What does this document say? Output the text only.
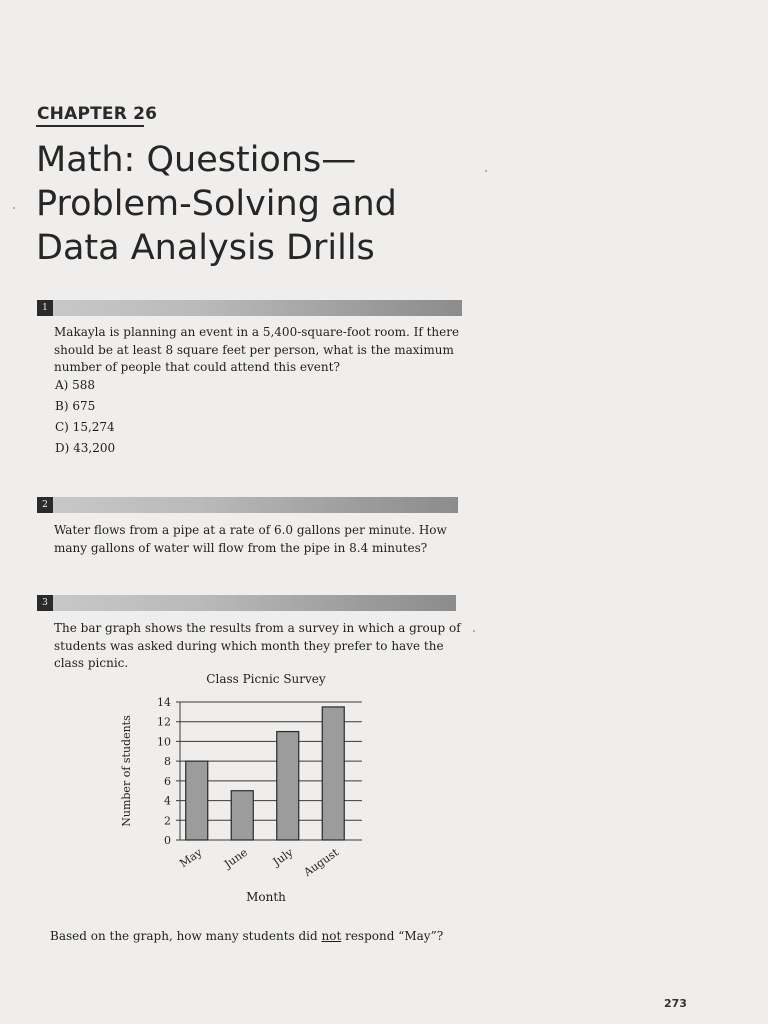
CHAPTER 26
Math: Questions—
Problem-Solving and
Data Analysis Drills
1

Makayla is planning an event in a 5,400-square-foot room. If there should be at least 8 square feet per person, what is the maximum number of people that could attend this event?

A) 588
B) 675
C) 15,274
D) 43,200
2

Water flows from a pipe at a rate of 6.0 gallons per minute. How many gallons of water will flow from the pipe in 8.4 minutes?

3

The bar graph shows the results from a survey in which a group of students was asked during which month they prefer to have the class picnic.

Class Picnic Survey
0
2
4
6
8
10
12
14
Number of students
May June July August
Month

Based on the graph, how many students did not respond “May”?

273
